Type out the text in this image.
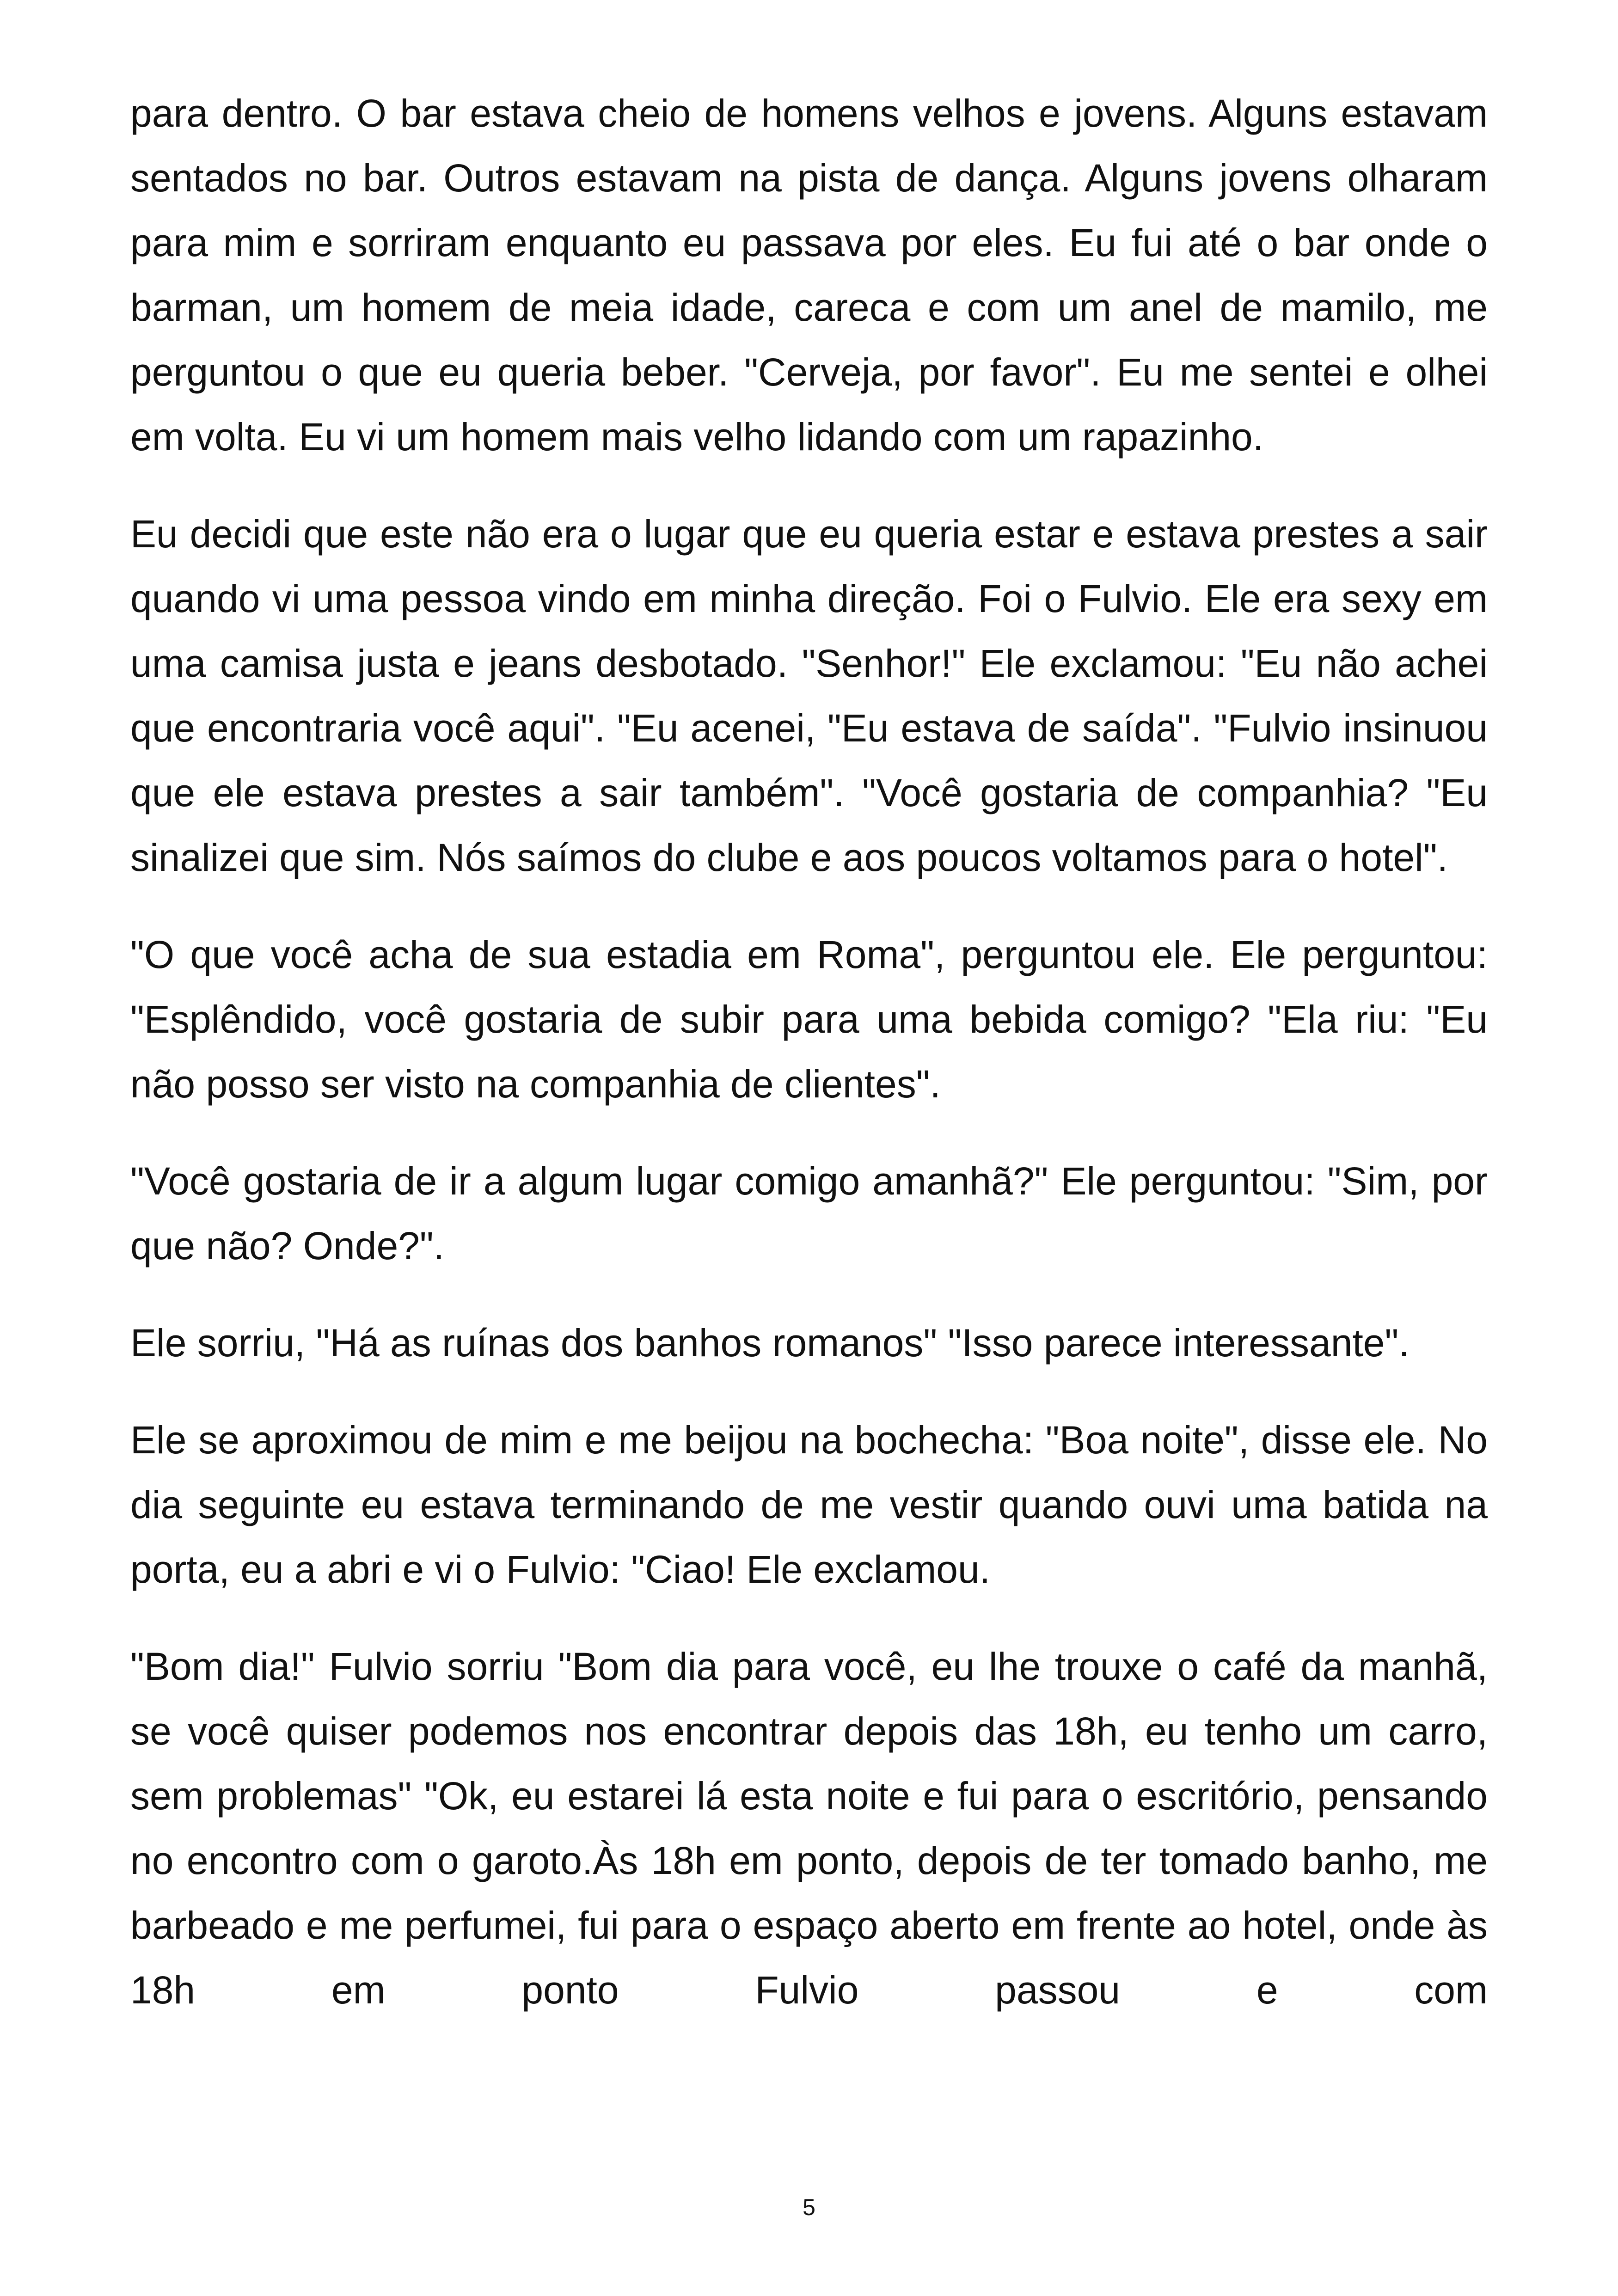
para dentro. O bar estava cheio de homens velhos e jovens. Alguns estavam sentados no bar. Outros estavam na pista de dança. Alguns jovens olharam para mim e sorriram enquanto eu passava por eles. Eu fui até o bar onde o barman, um homem de meia idade, careca e com um anel de mamilo, me perguntou o que eu queria beber. "Cerveja, por favor". Eu me sentei e olhei em volta. Eu vi um homem mais velho lidando com um rapazinho.

Eu decidi que este não era o lugar que eu queria estar e estava prestes a sair quando vi uma pessoa vindo em minha direção. Foi o Fulvio. Ele era sexy em uma camisa justa e jeans desbotado. "Senhor!" Ele exclamou: "Eu não achei que encontraria você aqui". "Eu acenei, "Eu estava de saída". "Fulvio insinuou que ele estava prestes a sair também". "Você gostaria de companhia? "Eu sinalizei que sim. Nós saímos do clube e aos poucos voltamos para o hotel".

"O que você acha de sua estadia em Roma", perguntou ele. Ele perguntou: "Esplêndido, você gostaria de subir para uma bebida comigo? "Ela riu: "Eu não posso ser visto na companhia de clientes".

"Você gostaria de ir a algum lugar comigo amanhã?" Ele perguntou: "Sim, por que não? Onde?".

Ele sorriu, "Há as ruínas dos banhos romanos" "Isso parece interessante".

Ele se aproximou de mim e me beijou na bochecha: "Boa noite", disse ele. No dia seguinte eu estava terminando de me vestir quando ouvi uma batida na porta, eu a abri e vi o Fulvio: "Ciao! Ele exclamou.

"Bom dia!" Fulvio sorriu "Bom dia para você, eu lhe trouxe o café da manhã, se você quiser podemos nos encontrar depois das 18h, eu tenho um carro, sem problemas" "Ok, eu estarei lá esta noite e fui para o escritório, pensando no encontro com o garoto.Às 18h em ponto, depois de ter tomado banho, me barbeado e me perfumei, fui para o espaço aberto em frente ao hotel, onde às 18h em ponto Fulvio passou e com

5
